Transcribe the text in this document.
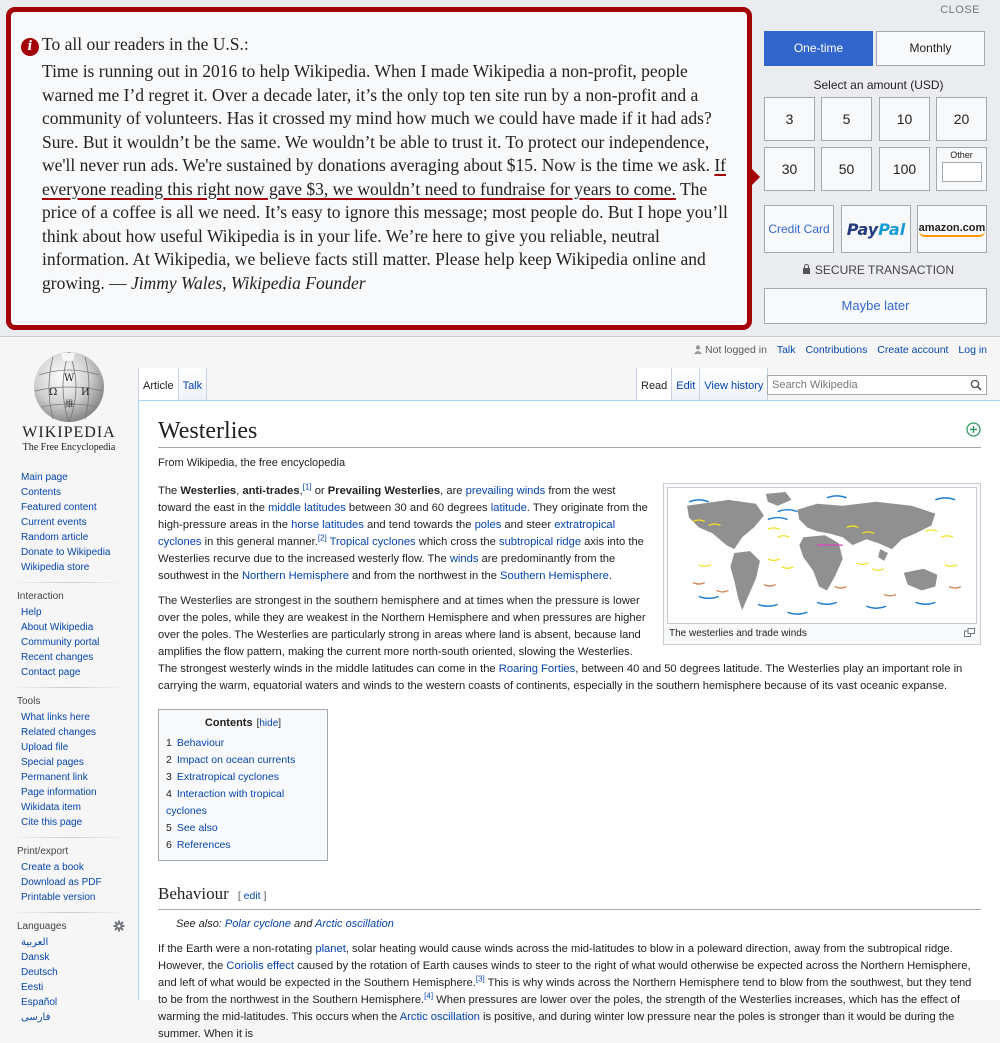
i To all our readers in the U.S.:

Time is running out in 2016 to help Wikipedia. When I made Wikipedia a non-profit, people warned me I’d regret it. Over a decade later, it’s the only top ten site run by a non-profit and a community of volunteers. Has it crossed my mind how much we could have made if it had ads? Sure. But it wouldn’t be the same. We wouldn’t be able to trust it. To protect our independence, we'll never run ads. We're sustained by donations averaging about $15. Now is the time we ask. If everyone reading this right now gave $3, we wouldn’t need to fundraise for years to come. The price of a coffee is all we need. It’s easy to ignore this message; most people do. But I hope you’ll think about how useful Wikipedia is in your life. We’re here to give you reliable, neutral information. At Wikipedia, we believe facts still matter. Please help keep Wikipedia online and growing. — Jimmy Wales, Wikipedia Founder

CLOSE
One-time	Monthly
Select an amount (USD)
3	5	10	20
30	50	100
Other
Credit Card Pay Pal amazon.com
SECURE TRANSACTION
Maybe later
W
Ω И
維
WIKIPEDIA
The Free Encyclopedia
Not logged in Talk Contributions Create account Log in
Article Talk	Read Edit View history Search Wikipedia
Main page
Contents
Featured content
Current events
Random article
Donate to Wikipedia
Wikipedia store
Interaction
Help
About Wikipedia
Community portal
Recent changes
Contact page
Tools
What links here
Related changes
Upload file
Special pages
Permanent link
Page information
Wikidata item
Cite this page
Print/export
Create a book
Download as PDF
Printable version
Languages
العربية
Dansk
Deutsch
Eesti
Español
فارسی
Westerlies
From Wikipedia, the free encyclopedia
The westerlies and trade winds

The Westerlies, anti-trades,[1] or Prevailing Westerlies, are prevailing winds from the west toward the east in the middle latitudes between 30 and 60 degrees latitude. They originate from the high-pressure areas in the horse latitudes and tend towards the poles and steer extratropical cyclones in this general manner.[2] Tropical cyclones which cross the subtropical ridge axis into the Westerlies recurve due to the increased westerly flow. The winds are predominantly from the southwest in the Northern Hemisphere and from the northwest in the Southern Hemisphere.

The Westerlies are strongest in the southern hemisphere and at times when the pressure is lower over the poles, while they are weakest in the Northern Hemisphere and when pressures are higher over the poles. The Westerlies are particularly strong in areas where land is absent, because land amplifies the flow pattern, making the current more north-south oriented, slowing the Westerlies. The strongest westerly winds in the middle latitudes can come in the Roaring Forties, between 40 and 50 degrees latitude. The Westerlies play an important role in carrying the warm, equatorial waters and winds to the western coasts of continents, especially in the southern hemisphere because of its vast oceanic expanse.

Contents [hide]
1 Behaviour
2 Impact on ocean currents
3 Extratropical cyclones
4 Interaction with tropical cyclones
5 See also
6 References
Behaviour [ edit ]
See also: Polar cyclone and Arctic oscillation

If the Earth were a non-rotating planet, solar heating would cause winds across the mid-latitudes to blow in a poleward direction, away from the subtropical ridge. However, the Coriolis effect caused by the rotation of Earth causes winds to steer to the right of what would otherwise be expected across the Northern Hemisphere, and left of what would be expected in the Southern Hemisphere.[3] This is why winds across the Northern Hemisphere tend to blow from the southwest, but they tend to be from the northwest in the Southern Hemisphere.[4] When pressures are lower over the poles, the strength of the Westerlies increases, which has the effect of warming the mid-latitudes. This occurs when the Arctic oscillation is positive, and during winter low pressure near the poles is stronger than it would be during the summer. When it is
